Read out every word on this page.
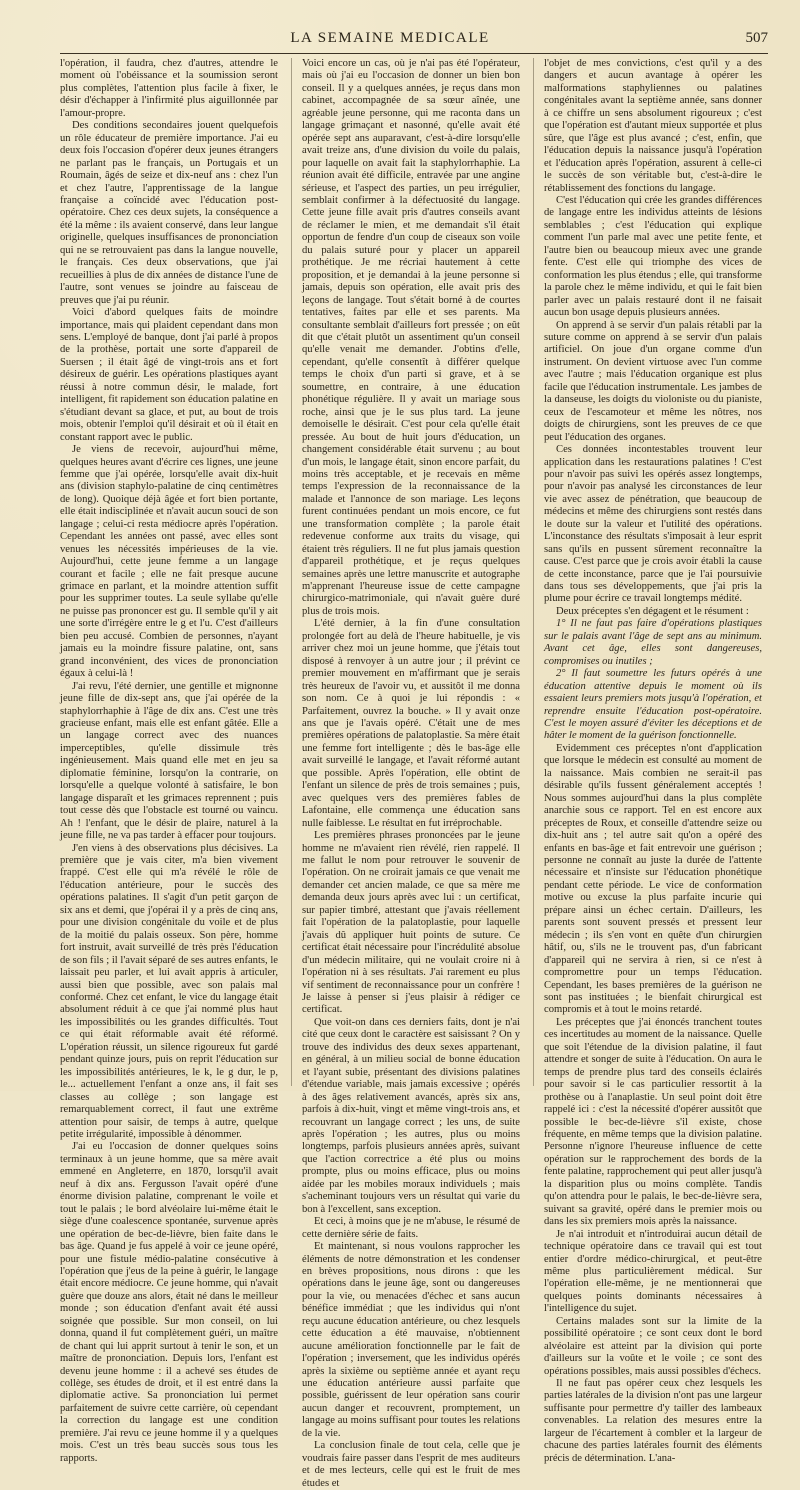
LA SEMAINE MEDICALE	507

l'opération, il faudra, chez d'autres, attendre le moment où l'obéissance et la soumission seront plus complètes, l'attention plus facile à fixer, le désir d'échapper à l'infirmité plus aiguillonnée par l'amour-propre.

Des conditions secondaires jouent quelquefois un rôle éducateur de première importance. J'ai eu deux fois l'occasion d'opérer deux jeunes étrangers ne parlant pas le français, un Portugais et un Roumain, âgés de seize et dix-neuf ans : chez l'un et chez l'autre, l'apprentissage de la langue française a coïncidé avec l'éducation post-opératoire. Chez ces deux sujets, la conséquence a été la même : ils avaient conservé, dans leur langue originelle, quelques insuffisances de prononciation qui ne se retrouvaient pas dans la langue nouvelle, le français. Ces deux observations, que j'ai recueillies à plus de dix années de distance l'une de l'autre, sont venues se joindre au faisceau de preuves que j'ai pu réunir.

Voici d'abord quelques faits de moindre importance, mais qui plaident cependant dans mon sens. L'employé de banque, dont j'ai parlé à propos de la prothèse, portait une sorte d'appareil de Suersen ; il était âgé de vingt-trois ans et fort désireux de guérir. Les opérations plastiques ayant réussi à notre commun désir, le malade, fort intelligent, fit rapidement son éducation palatine en s'étudiant devant sa glace, et put, au bout de trois mois, obtenir l'emploi qu'il désirait et où il était en constant rapport avec le public.

Je viens de recevoir, aujourd'hui même, quelques heures avant d'écrire ces lignes, une jeune femme que j'ai opérée, lorsqu'elle avait dix-huit ans (division staphylo-palatine de cinq centimètres de long). Quoique déjà âgée et fort bien portante, elle était indisciplinée et n'avait aucun souci de son langage ; celui-ci resta médiocre après l'opération. Cependant les années ont passé, avec elles sont venues les nécessités impérieuses de la vie. Aujourd'hui, cette jeune femme a un langage courant et facile ; elle ne fait presque aucune grimace en parlant, et la moindre attention suffit pour les supprimer toutes. La seule syllabe qu'elle ne puisse pas prononcer est gu. Il semble qu'il y ait une sorte d'irrégère entre le g et l'u. C'est d'ailleurs bien peu accusé. Combien de personnes, n'ayant jamais eu la moindre fissure palatine, ont, sans grand inconvénient, des vices de prononciation égaux à celui-là !

J'ai revu, l'été dernier, une gentille et mignonne jeune fille de dix-sept ans, que j'ai opérée de la staphylorrhaphie à l'âge de dix ans. C'est une très gracieuse enfant, mais elle est enfant gâtée. Elle a un langage correct avec des nuances imperceptibles, qu'elle dissimule très ingénieusement. Mais quand elle met en jeu sa diplomatie féminine, lorsqu'on la contrarie, on lorsqu'elle a quelque volonté à satisfaire, le bon langage disparaît et les grimaces reprennent ; puis tout cesse dès que l'obstacle est tourné ou vaincu. Ah ! l'enfant, que le désir de plaire, naturel à la jeune fille, ne va pas tarder à effacer pour toujours.

J'en viens à des observations plus décisives. La première que je vais citer, m'a bien vivement frappé. C'est elle qui m'a révélé le rôle de l'éducation antérieure, pour le succès des opérations palatines. Il s'agit d'un petit garçon de six ans et demi, que j'opérai il y a près de cinq ans, pour une division congénitale du voile et de plus de la moitié du palais osseux. Son père, homme fort instruit, avait surveillé de très près l'éducation de son fils ; il l'avait séparé de ses autres enfants, le laissait peu parler, et lui avait appris à articuler, aussi bien que possible, avec son palais mal conformé. Chez cet enfant, le vice du langage était absolument réduit à ce que j'ai nommé plus haut les impossibilités ou les grandes difficultés. Tout ce qui était réformable avait été réformé. L'opération réussit, un silence rigoureux fut gardé pendant quinze jours, puis on reprit l'éducation sur les impossibilités antérieures, le k, le g dur, le p, le... actuellement l'enfant a onze ans, il fait ses classes au collège ; son langage est remarquablement correct, il faut une extrême attention pour saisir, de temps à autre, quelque petite irrégularité, impossible à dénommer.

J'ai eu l'occasion de donner quelques soins terminaux à un jeune homme, que sa mère avait emmené en Angleterre, en 1870, lorsqu'il avait neuf à dix ans. Fergusson l'avait opéré d'une énorme division palatine, comprenant le voile et tout le palais ; le bord alvéolaire lui-même était le siège d'une coalescence spontanée, survenue après une opération de bec-de-lièvre, bien faite dans le bas âge. Quand je fus appelé à voir ce jeune opéré, pour une fistule médio-palatine consécutive à l'opération que j'eus de la peine à guérir, le langage était encore médiocre. Ce jeune homme, qui n'avait guère que douze ans alors, était né dans le meilleur monde ; son éducation d'enfant avait été aussi soignée que possible. Sur mon conseil, on lui donna, quand il fut complètement guéri, un maître de chant qui lui apprit surtout à tenir le son, et un maître de prononciation. Depuis lors, l'enfant est devenu jeune homme : il a achevé ses études de collège, ses études de droit, et il est entré dans la diplomatie active. Sa prononciation lui permet parfaitement de suivre cette carrière, où cependant la correction du langage est une condition première. J'ai revu ce jeune homme il y a quelques mois. C'est un très beau succès sous tous les rapports.

Voici encore un cas, où je n'ai pas été l'opérateur, mais où j'ai eu l'occasion de donner un bien bon conseil. Il y a quelques années, je reçus dans mon cabinet, accompagnée de sa sœur aînée, une agréable jeune personne, qui me raconta dans un langage grimaçant et nasonné, qu'elle avait été opérée sept ans auparavant, c'est-à-dire lorsqu'elle avait treize ans, d'une division du voile du palais, pour laquelle on avait fait la staphylorrhaphie. La réunion avait été difficile, entravée par une angine sérieuse, et l'aspect des parties, un peu irrégulier, semblait confirmer à la défectuosité du langage. Cette jeune fille avait pris d'autres conseils avant de réclamer le mien, et me demandait s'il était opportun de fendre d'un coup de ciseaux son voile du palais suturé pour y placer un appareil prothétique. Je me récriai hautement à cette proposition, et je demandai à la jeune personne si jamais, depuis son opération, elle avait pris des leçons de langage. Tout s'était borné à de courtes tentatives, faites par elle et ses parents. Ma consultante semblait d'ailleurs fort pressée ; on eût dit que c'était plutôt un assentiment qu'un conseil qu'elle venait me demander. J'obtins d'elle, cependant, qu'elle consentît à différer quelque temps le choix d'un parti si grave, et à se soumettre, en contraire, à une éducation phonétique régulière. Il y avait un mariage sous roche, ainsi que je le sus plus tard. La jeune demoiselle le désirait. C'est pour cela qu'elle était pressée. Au bout de huit jours d'éducation, un changement considérable était survenu ; au bout d'un mois, le langage était, sinon encore parfait, du moins très acceptable, et je recevais en même temps l'expression de la reconnaissance de la malade et l'annonce de son mariage. Les leçons furent continuées pendant un mois encore, ce fut une transformation complète ; la parole était redevenue conforme aux traits du visage, qui étaient très réguliers. Il ne fut plus jamais question d'appareil prothétique, et je reçus quelques semaines après une lettre manuscrite et autographe m'apprenant l'heureuse issue de cette campagne chirurgico-matrimoniale, qui n'avait guère duré plus de trois mois.

L'été dernier, à la fin d'une consultation prolongée fort au delà de l'heure habituelle, je vis arriver chez moi un jeune homme, que j'étais tout disposé à renvoyer à un autre jour ; il prévint ce premier mouvement en m'affirmant que je serais très heureux de l'avoir vu, et aussitôt il me donna son nom. Ce à quoi je lui répondis : « Parfaitement, ouvrez la bouche. » Il y avait onze ans que je l'avais opéré. C'était une de mes premières opérations de palatoplastie. Sa mère était une femme fort intelligente ; dès le bas-âge elle avait surveillé le langage, et l'avait réformé autant que possible. Après l'opération, elle obtint de l'enfant un silence de près de trois semaines ; puis, avec quelques vers des premières fables de Lafontaine, elle commença une éducation sans nulle faiblesse. Le résultat en fut irréprochable.

Les premières phrases prononcées par le jeune homme ne m'avaient rien révélé, rien rappelé. Il me fallut le nom pour retrouver le souvenir de l'opération. On ne croirait jamais ce que venait me demander cet ancien malade, ce que sa mère me demanda deux jours après avec lui : un certificat, sur papier timbré, attestant que j'avais réellement fait l'opération de la palatoplastie, pour laquelle j'avais dû appliquer huit points de suture. Ce certificat était nécessaire pour l'incrédulité absolue d'un médecin militaire, qui ne voulait croire ni à l'opération ni à ses résultats. J'ai rarement eu plus vif sentiment de reconnaissance pour un confrère ! Je laisse à penser si j'eus plaisir à rédiger ce certificat.

Que voit-on dans ces derniers faits, dont je n'ai cité que ceux dont le caractère est saisissant ? On y trouve des individus des deux sexes appartenant, en général, à un milieu social de bonne éducation et l'ayant subie, présentant des divisions palatines d'étendue variable, mais jamais excessive ; opérés à des âges relativement avancés, après six ans, parfois à dix-huit, vingt et même vingt-trois ans, et recouvrant un langage correct ; les uns, de suite après l'opération ; les autres, plus ou moins longtemps, parfois plusieurs années après, suivant que l'action correctrice a été plus ou moins prompte, plus ou moins efficace, plus ou moins aidée par les mobiles moraux individuels ; mais s'acheminant toujours vers un résultat qui varie du bon à l'excellent, sans exception.

Et ceci, à moins que je ne m'abuse, le résumé de cette dernière série de faits.

Et maintenant, si nous voulons rapprocher les éléments de notre démonstration et les condenser en brèves propositions, nous dirons : que les opérations dans le jeune âge, sont ou dangereuses pour la vie, ou menacées d'échec et sans aucun bénéfice immédiat ; que les individus qui n'ont reçu aucune éducation antérieure, ou chez lesquels cette éducation a été mauvaise, n'obtiennent aucune amélioration fonctionnelle par le fait de l'opération ; inversement, que les individus opérés après la sixième ou septième année et ayant reçu une éducation antérieure aussi parfaite que possible, guérissent de leur opération sans courir aucun danger et recouvrent, promptement, un langage au moins suffisant pour toutes les relations de la vie.

La conclusion finale de tout cela, celle que je voudrais faire passer dans l'esprit de mes auditeurs et de mes lecteurs, celle qui est le fruit de mes études et

l'objet de mes convictions, c'est qu'il y a des dangers et aucun avantage à opérer les malformations staphyliennes ou palatines congénitales avant la septième année, sans donner à ce chiffre un sens absolument rigoureux ; c'est que l'opération est d'autant mieux supportée et plus sûre, que l'âge est plus avancé ; c'est, enfin, que l'éducation depuis la naissance jusqu'à l'opération et l'éducation après l'opération, assurent à celle-ci le succès de son véritable but, c'est-à-dire le rétablissement des fonctions du langage.

C'est l'éducation qui crée les grandes différences de langage entre les individus atteints de lésions semblables ; c'est l'éducation qui explique comment l'un parle mal avec une petite fente, et l'autre bien ou beaucoup mieux avec une grande fente. C'est elle qui triomphe des vices de conformation les plus étendus ; elle, qui transforme la parole chez le même individu, et qui le fait bien parler avec un palais restauré dont il ne faisait aucun bon usage depuis plusieurs années.

On apprend à se servir d'un palais rétabli par la suture comme on apprend à se servir d'un palais artificiel. On joue d'un organe comme d'un instrument. On devient virtuose avec l'un comme avec l'autre ; mais l'éducation organique est plus facile que l'éducation instrumentale. Les jambes de la danseuse, les doigts du violoniste ou du pianiste, ceux de l'escamoteur et même les nôtres, nos doigts de chirurgiens, sont les preuves de ce que peut l'éducation des organes.

Ces données incontestables trouvent leur application dans les restaurations palatines ! C'est pour n'avoir pas suivi les opérés assez longtemps, pour n'avoir pas analysé les circonstances de leur vie avec assez de pénétration, que beaucoup de médecins et même des chirurgiens sont restés dans le doute sur la valeur et l'utilité des opérations. L'inconstance des résultats s'imposait à leur esprit sans qu'ils en pussent sûrement reconnaître la cause. C'est parce que je crois avoir établi la cause de cette inconstance, parce que je l'ai poursuivie dans tous ses développements, que j'ai pris la plume pour écrire ce travail longtemps médité.

Deux préceptes s'en dégagent et le résument :

1° Il ne faut pas faire d'opérations plastiques sur le palais avant l'âge de sept ans au minimum. Avant cet âge, elles sont dangereuses, compromises ou inutiles ;

2° Il faut soumettre les futurs opérés à une éducation attentive depuis le moment où ils essaient leurs premiers mots jusqu'à l'opération, et reprendre ensuite l'éducation post-opératoire. C'est le moyen assuré d'éviter les déceptions et de hâter le moment de la guérison fonctionnelle.

Evidemment ces préceptes n'ont d'application que lorsque le médecin est consulté au moment de la naissance. Mais combien ne serait-il pas désirable qu'ils fussent généralement acceptés ! Nous sommes aujourd'hui dans la plus complète anarchie sous ce rapport. Tel en est encore aux préceptes de Roux, et conseille d'attendre seize ou dix-huit ans ; tel autre sait qu'on a opéré des enfants en bas-âge et fait entrevoir une guérison ; personne ne connaît au juste la durée de l'attente nécessaire et n'insiste sur l'éducation phonétique pendant cette période. Le vice de conformation motive ou excuse la plus parfaite incurie qui prépare ainsi un échec certain. D'ailleurs, les parents sont souvent pressés et pressent leur médecin ; ils s'en vont en quête d'un chirurgien hâtif, ou, s'ils ne le trouvent pas, d'un fabricant d'appareil qui ne servira à rien, si ce n'est à compromettre pour un temps l'éducation. Cependant, les bases premières de la guérison ne sont pas instituées ; le bienfait chirurgical est compromis et à tout le moins retardé.

Les préceptes que j'ai énoncés tranchent toutes ces incertitudes au moment de la naissance. Quelle que soit l'étendue de la division palatine, il faut attendre et songer de suite à l'éducation. On aura le temps de prendre plus tard des conseils éclairés pour savoir si le cas particulier ressortit à la prothèse ou à l'anaplastie. Un seul point doit être rappelé ici : c'est la nécessité d'opérer aussitôt que possible le bec-de-lièvre s'il existe, chose fréquente, en même temps que la division palatine. Personne n'ignore l'heureuse influence de cette opération sur le rapprochement des bords de la fente palatine, rapprochement qui peut aller jusqu'à la disparition plus ou moins complète. Tandis qu'on attendra pour le palais, le bec-de-lièvre sera, suivant sa gravité, opéré dans le premier mois ou dans les six premiers mois après la naissance.

Je n'ai introduit et n'introduirai aucun détail de technique opératoire dans ce travail qui est tout entier d'ordre médico-chirurgical, et peut-être même plus particulièrement médical. Sur l'opération elle-même, je ne mentionnerai que quelques points dominants nécessaires à l'intelligence du sujet.

Certains malades sont sur la limite de la possibilité opératoire ; ce sont ceux dont le bord alvéolaire est atteint par la division qui porte d'ailleurs sur la voûte et le voile ; ce sont des opérations possibles, mais aussi possibles d'échecs.

Il ne faut pas opérer ceux chez lesquels les parties latérales de la division n'ont pas une largeur suffisante pour permettre d'y tailler des lambeaux convenables. La relation des mesures entre la largeur de l'écartement à combler et la largeur de chacune des parties latérales fournit des éléments précis de détermination. L'ana-
